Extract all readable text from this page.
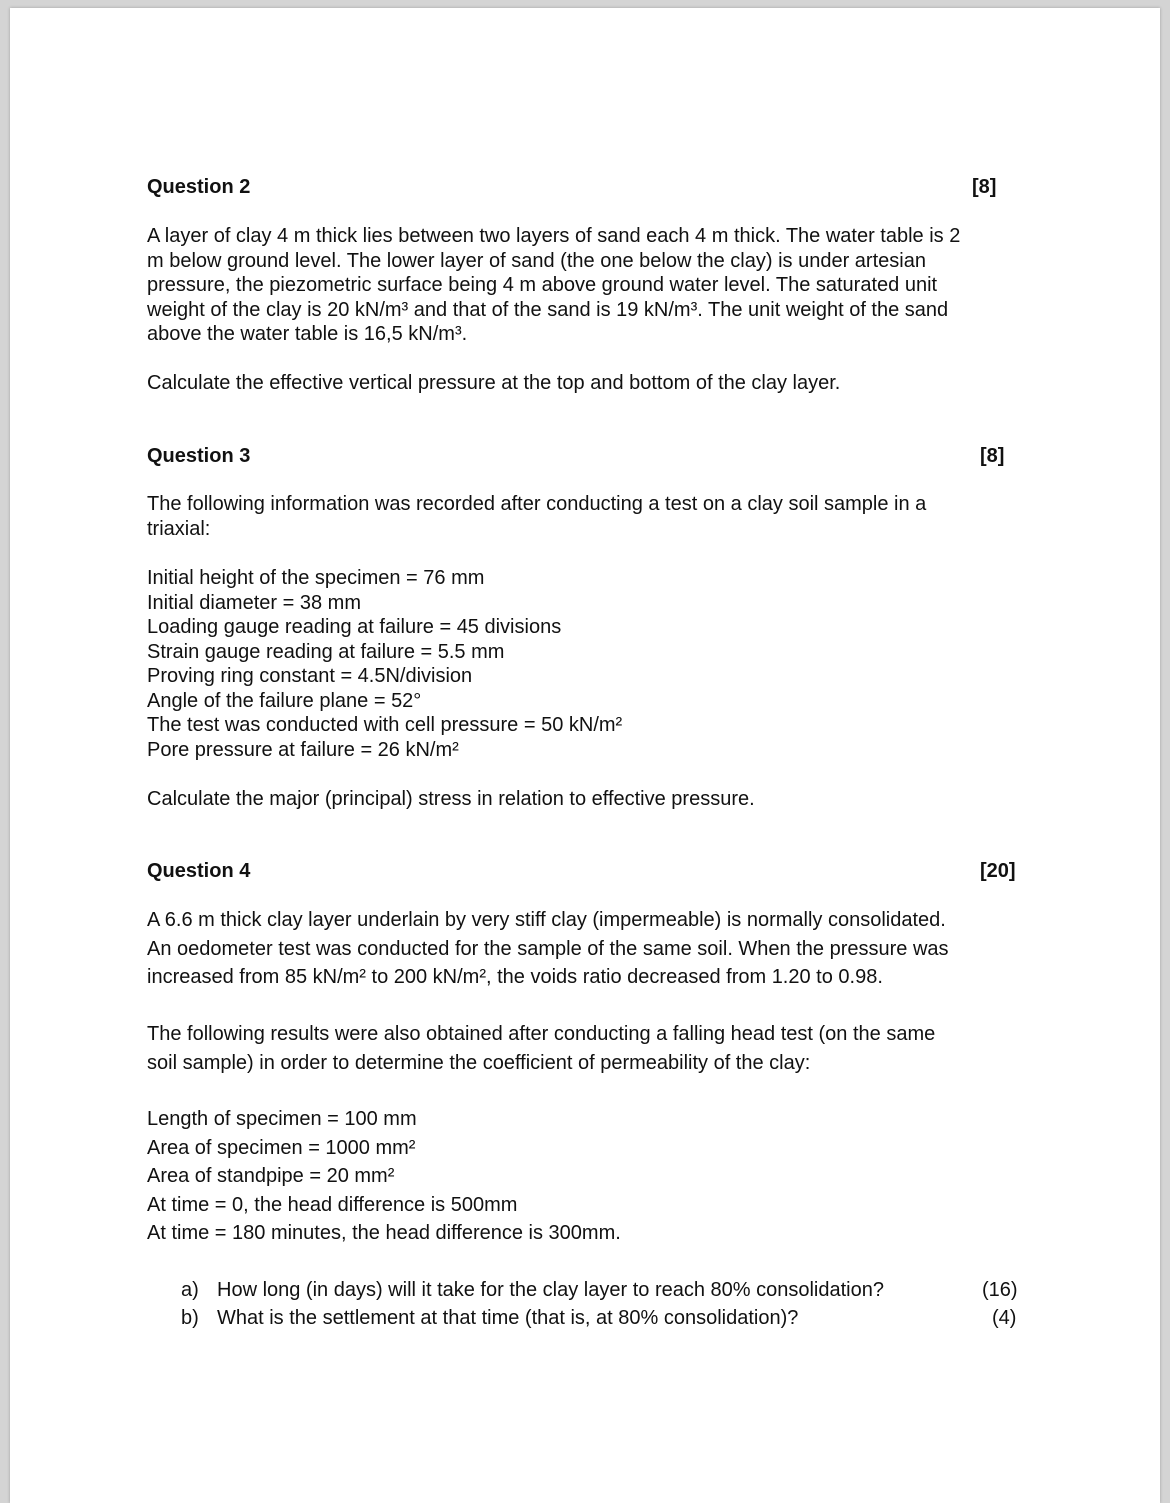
Question 2	[8]
A layer of clay 4 m thick lies between two layers of sand each 4 m thick. The water table is 2
m below ground level. The lower layer of sand (the one below the clay) is under artesian
pressure, the piezometric surface being 4 m above ground water level. The saturated unit
weight of the clay is 20 kN/m³ and that of the sand is 19 kN/m³. The unit weight of the sand
above the water table is 16,5 kN/m³.
Calculate the effective vertical pressure at the top and bottom of the clay layer.
Question 3	[8]
The following information was recorded after conducting a test on a clay soil sample in a
triaxial:
Initial height of the specimen = 76 mm
Initial diameter = 38 mm
Loading gauge reading at failure = 45 divisions
Strain gauge reading at failure = 5.5 mm
Proving ring constant = 4.5N/division
Angle of the failure plane = 52°
The test was conducted with cell pressure = 50 kN/m²
Pore pressure at failure = 26 kN/m²
Calculate the major (principal) stress in relation to effective pressure.
Question 4	[20]
A 6.6 m thick clay layer underlain by very stiff clay (impermeable) is normally consolidated.
An oedometer test was conducted for the sample of the same soil. When the pressure was
increased from 85 kN/m² to 200 kN/m², the voids ratio decreased from 1.20 to 0.98.
The following results were also obtained after conducting a falling head test (on the same
soil sample) in order to determine the coefficient of permeability of the clay:
Length of specimen = 100 mm
Area of specimen = 1000 mm²
Area of standpipe = 20 mm²
At time = 0, the head difference is 500mm
At time = 180 minutes, the head difference is 300mm.
a) How long (in days) will it take for the clay layer to reach 80% consolidation?	(16)
b) What is the settlement at that time (that is, at 80% consolidation)?	(4)
